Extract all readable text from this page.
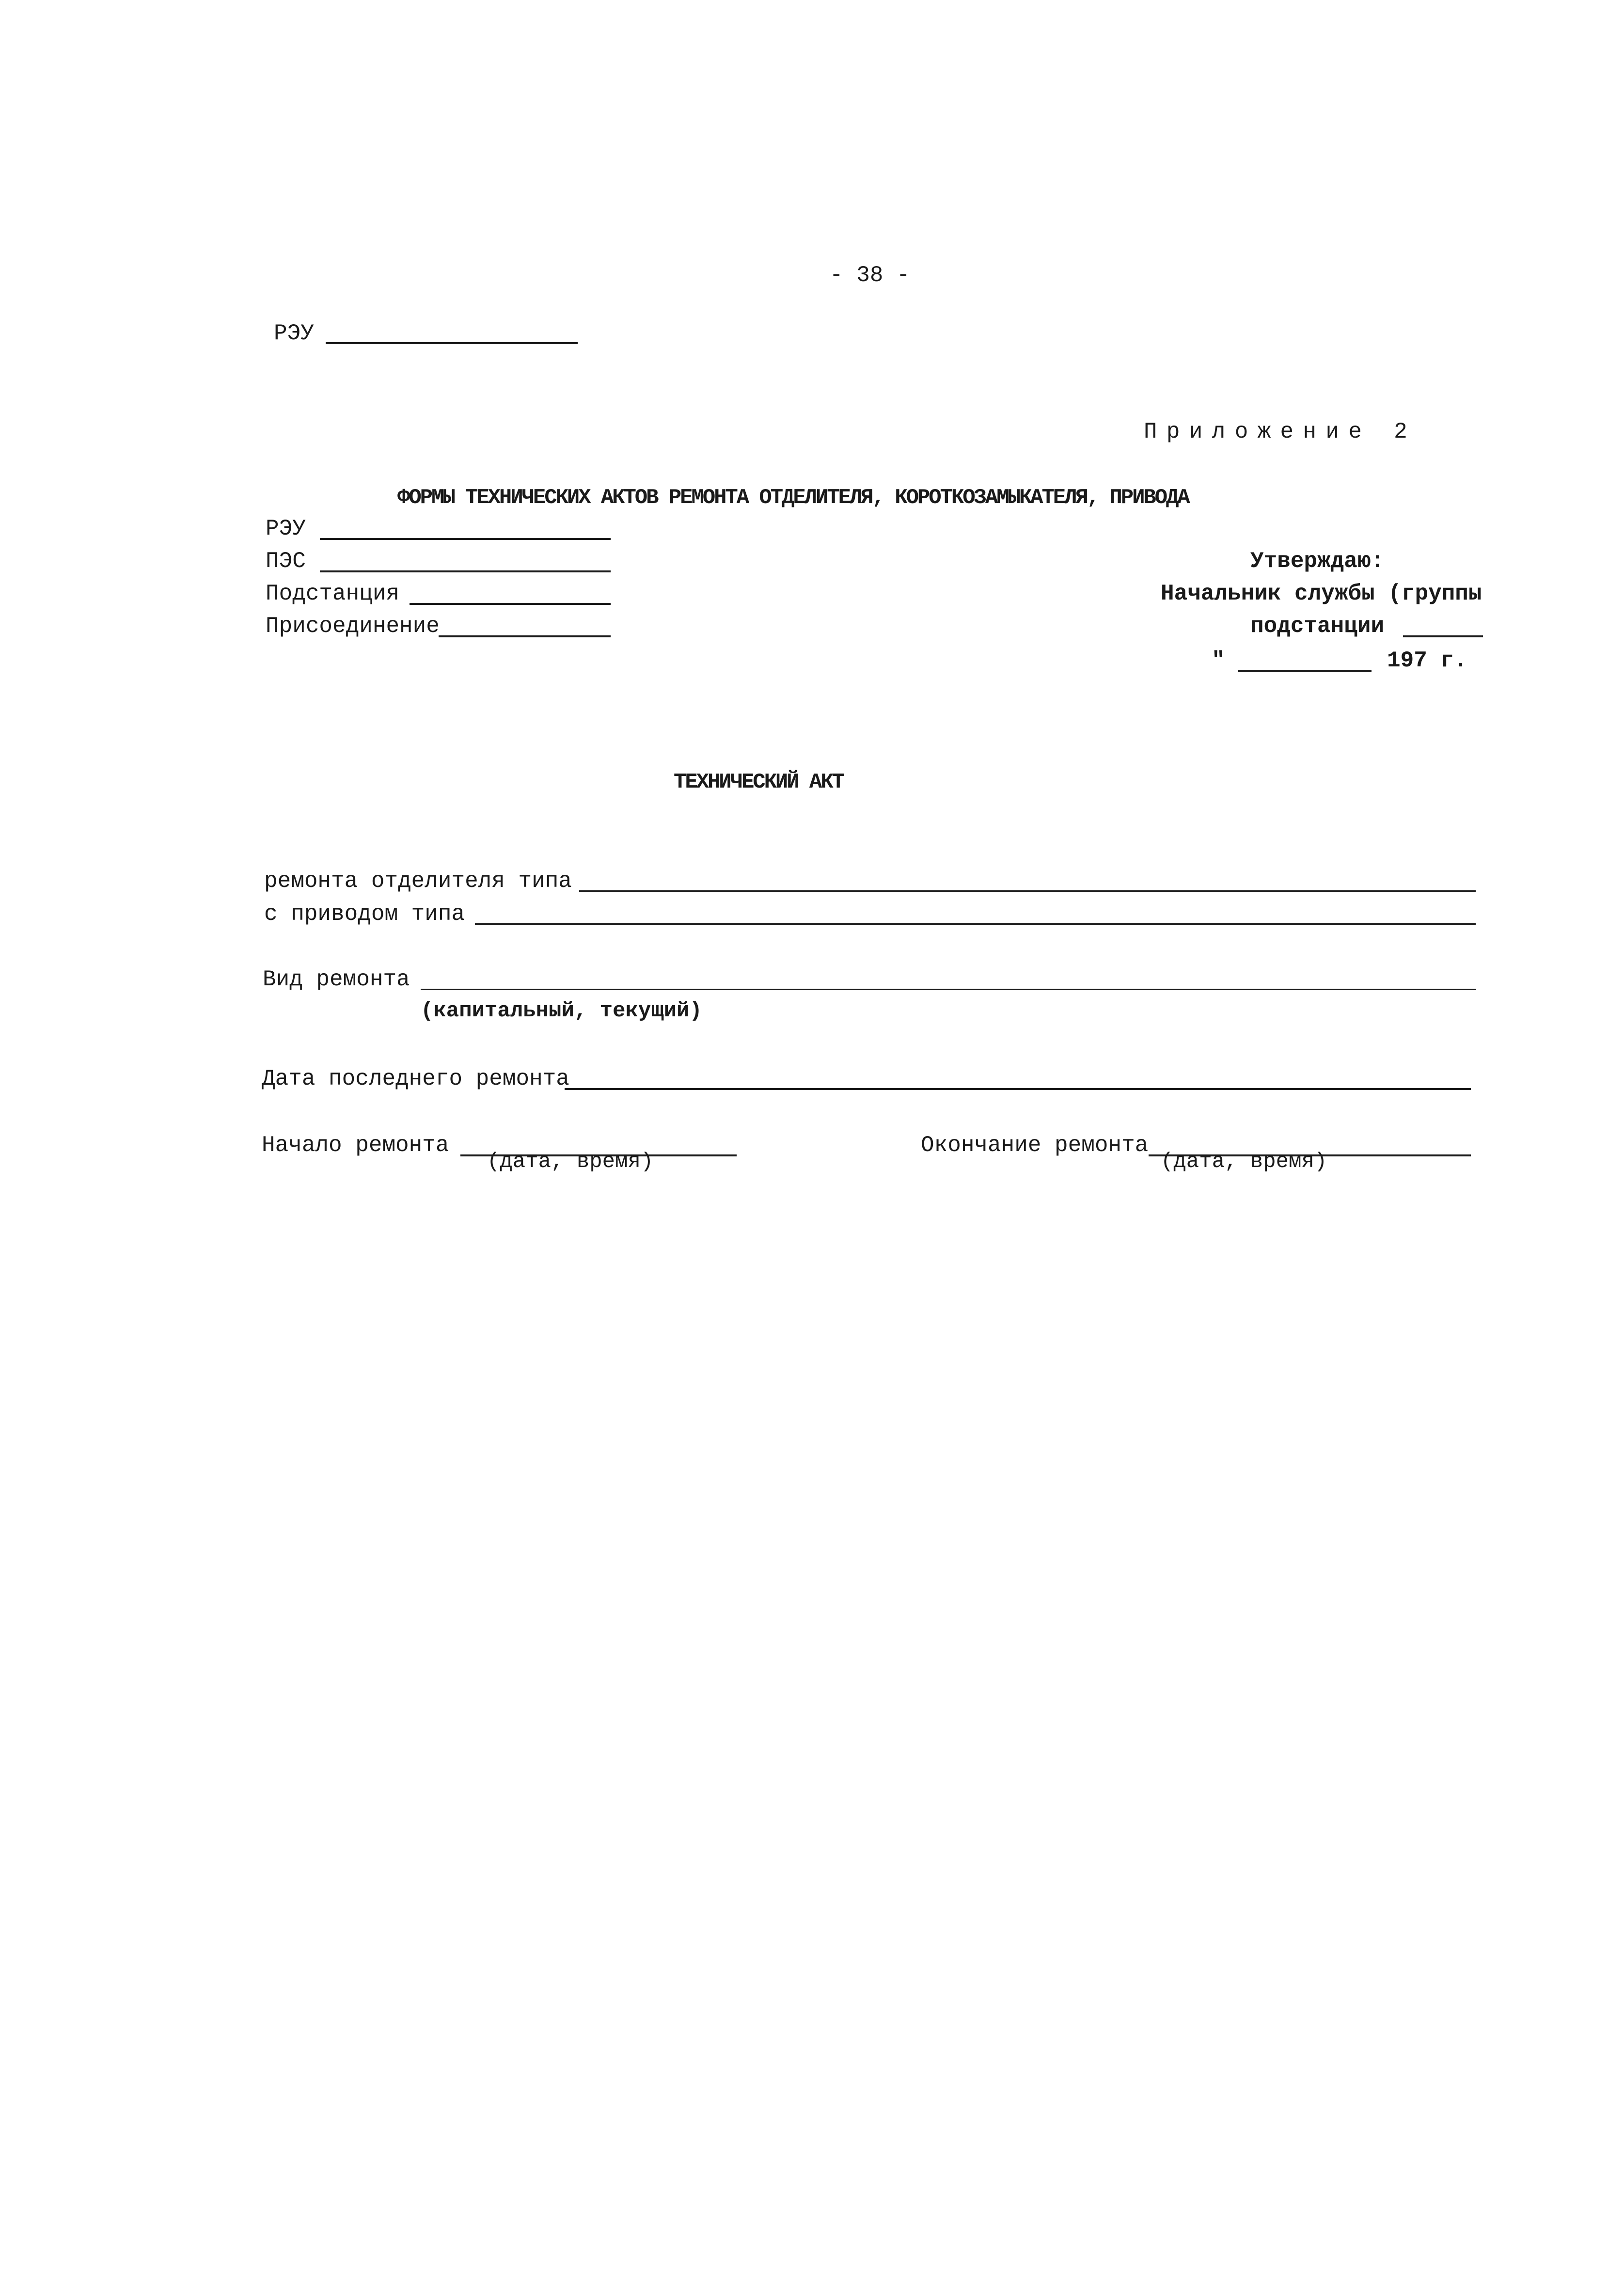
- 38 -
РЭУ
Приложение 2
ФОРМЫ ТЕХНИЧЕСКИХ АКТОВ РЕМОНТА ОТДЕЛИТЕЛЯ, КОРОТКОЗАМЫКАТЕЛЯ, ПРИВОДА
РЭУ
ПЭС
Подстанция
Присоединение
Утверждаю:
Начальник службы (группы
подстанции
"	197 г.
ТЕХНИЧЕСКИЙ АКТ
ремонта отделителя типа
с приводом типа
Вид ремонта
(капитальный, текущий)
Дата последнего ремонта
Начало ремонта
(дата, время)
Окончание ремонта
(дата, время)
